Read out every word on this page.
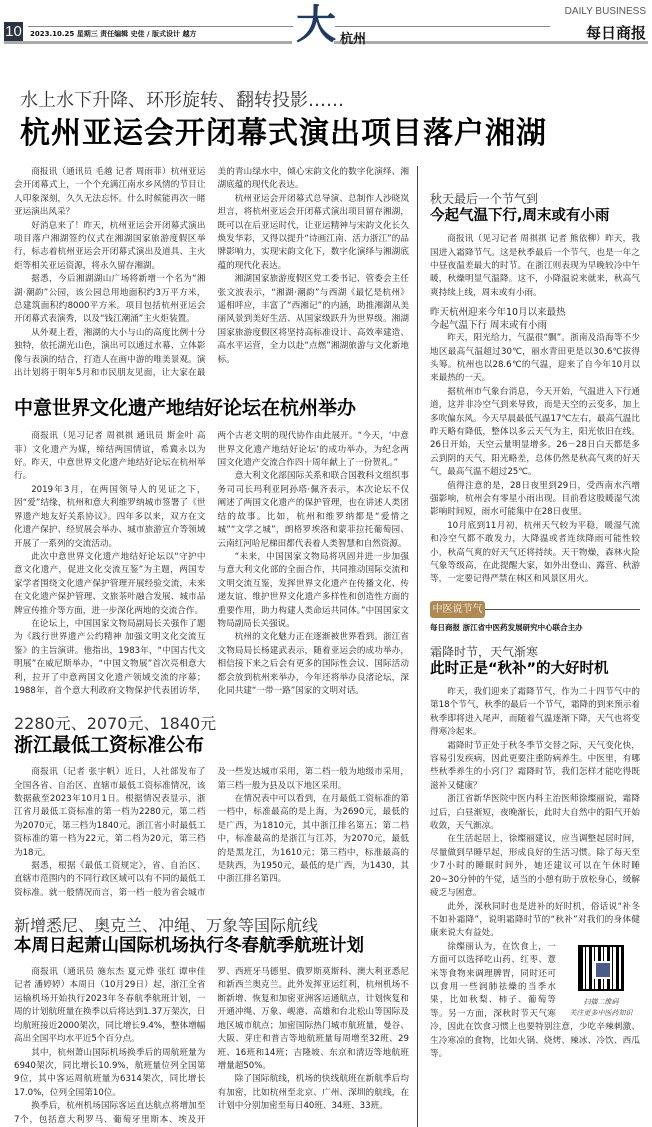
10 2023.10.25 星期三 责任编辑 史佳 / 版式设计 越方 大 杭州
DAILY BUSINESS
每日商报
水上水下升降、环形旋转、翻转投影……
杭州亚运会开闭幕式演出项目落户湘湖

商报讯（通讯员 毛越 记者 周雨菲）杭州亚运会开闭幕式上，一个个充满江南水乡风情的节目让人印象深刻，久久无法忘怀。什么时候能再次一睹亚运演出风采？

好消息来了！昨天，杭州亚运会开闭幕式演出项目落户湘湖签约仪式在湘湖国家旅游度假区举行，标志着杭州亚运会开闭幕式演出及道具、主火炬等相关亚运资源，将永久留存湘湖。

据悉，今后湘湖湖山广场将新增一个名为“湘湖·潮韵”公园，该公园总用地面积约3万平方米，总建筑面积约8000平方米。项目包括杭州亚运会开闭幕式表演秀，以及“钱江潮涌”主火炬装置。

从外观上看，湘湖的大小与山的高度比例十分独特，依托湖光山色，演出可以通过水幕、立体影像与表演的结合，打造人在画中游的唯美景观。演出计划将于明年5月和市民朋友见面，让大家在最美的青山绿水中，倾心宋韵文化的数字化演绎、湘湖底蕴的现代化表达。

杭州亚运会开闭幕式总导演、总制作人沙晓岚坦言，将杭州亚运会开闭幕式演出项目留存湘湖，既可以在后亚运时代，让亚运精神与宋韵文化长久焕发华彩，又得以提升“诗画江南、活力浙江”的品牌影响力，实现宋韵文化下，数字化演绎与湘湖底蕴的现代化表达。

湘湖国家旅游度假区党工委书记、管委会主任张文波表示，“湘湖·潮韵”与西湖《最忆是杭州》遥相呼应，丰富了“西湘记”的内涵，助推湘湖从美丽风景到美好生活、从国家级跃升为世界级。湘湖国家旅游度假区将坚持高标准设计、高效率建造、高水平运营，全力以赴“点燃”湘湖旅游与文化新地标。

中意世界文化遗产地结好论坛在杭州举办

商报讯（见习记者 周祺祺 通讯员 斯金叶 高菲）文化遗产为媒，缔结两国情谊，希冀永以为好。昨天，中意世界文化遗产地结好论坛在杭州举行。

2019年3月，在两国领导人的见证之下，因“爱”结缘，杭州和意大利维罗纳城市签署了《世界遗产地友好关系协议》。四年多以来，双方在文化遗产保护、经贸展会举办、城市旅游宣介等领域开展了一系列的交流活动。

此次中意世界文化遗产地结好论坛以“守护中意文化遗产，促进文化交流互鉴”为主题，两国专家学者围绕文化遗产保护管理开展经验交流，未来在文化遗产保护管理、文旅茶叶融合发展、城市品牌宣传推介等方面，进一步深化两地的交流合作。

在论坛上，中国国家文物局副局长关强作了题为《践行世界遗产公约精神 加强文明文化交流互鉴》的主旨演讲。他指出，1983年，“中国古代文明展”在威尼斯举办，“中国文物展”首次亮相意大利，拉开了中意两国文化遗产领域交流的序幕；1988年，首个意大利政府文物保护代表团访华，两个古老文明的现代协作由此展开。“今天，‘中意世界文化遗产地结好论坛’的成功举办，为纪念两国文化遗产交流合作四十周年献上了一份贺礼。”

意大利文化部国际关系和联合国教科文组织事务司司长玛利亚阿孙塔·佩齐表示，本次论坛不仅阐述了两国文化遗产的保护管理，也在讲述人类团结的故事。比如，杭州和维罗纳都是“爱情之城”“文学之城”，朗格罗埃洛和蒙菲拉托葡萄园、云南红河哈尼梯田都代表着人类智慧和自然资源。

“未来，中国国家文物局将巩固并进一步加强与意大利文化部的全面合作，共同推动国际交流和文明交流互鉴，发挥世界文化遗产在传播文化、传递友谊、维护世界文化遗产多样性和创造性方面的重要作用，助力构建人类命运共同体。”中国国家文物局副局长关强说。

杭州的文化魅力正在逐渐被世界看到。浙江省文物局局长杨建武表示，随着亚运会的成功举办，相信接下来之后会有更多的国际性会议、国际活动都会放到杭州来举办，今年还将举办良渚论坛，深化同共建“一带一路”国家的文明对话。

2280元、2070元、1840元
浙江最低工资标准公布

商报讯（记者 张宇帆）近日，人社部发布了全国各省、自治区、直辖市最低工资标准情况，该数据截至2023年10月1日。根据情况表显示，浙江省月最低工资标准的第一档为2280元，第二档为2070元，第三档为1840元。浙江省小时最低工资标准的第一档为22元，第二档为20元，第三档为18元。

据悉，根据《最低工资规定》，省、自治区、直辖市范围内的不同行政区域可以有不同的最低工资标准。就一般情况而言，第一档一般为省会城市及一些发达城市采用，第二档一般为地级市采用，第三档一般为县及以下地区采用。

在情况表中可以看到，在月最低工资标准的第一档中，标准最高的是上海，为2690元，最低的是广西，为1810元，其中浙江排名第五；第二档中，标准最高的是浙江与江苏，为2070元，最低的是黑龙江，为1610元；第三档中，标准最高的是陕西，为1950元，最低的是广西，为1430，其中浙江排名第四。

新增悉尼、奥克兰、冲绳、万象等国际航线
本周日起萧山国际机场执行冬春航季航班计划

商报讯（通讯员 施东杰 夏元烨 张红 谭申佳 记者 潘婷婷）本周日（10月29日）起，浙江全省运输机场开始执行2023年冬春航季航班计划，一周的计划航班量在换季以后将达到1.37万架次，日均航班接近2000架次，同比增长9.4%，整体增幅高出全国平均水平近5个百分点。

其中，杭州萧山国际机场换季后的周航班量为6940架次，同比增长10.9%，航班量位列全国第9位，其中客运周航班量为6314架次，同比增长17.0%，位列全国第10位。

换季后，杭州机场国际客运直达航点将增加至7个，包括意大利罗马、葡萄牙里斯本、埃及开罗、西班牙马德里、俄罗斯莫斯科、澳大利亚悉尼和新西兰奥克兰。此外发挥亚运红利，杭州机场不断新增、恢复和加密亚洲客运通航点，计划恢复和开通冲绳、万象、岘港、高雄和台北松山等国际及地区城市航点；加密国际热门城市航班量，曼谷、大阪、芽庄和普吉等地航班量每周增至32班、29班、16班和14班；吉隆坡、东京和清迈等地航班增量超50%。

除了国际航线，机场的快线航班在新航季后均有加密，比如杭州至北京、广州、深圳的航线，在计划中分别加密至每日40班、34班、33班。

秋天最后一个节气到
今起气温下行,周末或有小雨

商报讯（见习记者 周祺祺 记者 熊依柳）昨天，我国进入霜降节气。这是秋季最后一个节气，也是一年之中昼夜温差最大的时节。在浙江则表现为早晚较冷中午暖，秋燥明显气温降。这不，小降温说来就来，秋高气爽持续上线，周末或有小雨。

昨天杭州迎来今年10月以来最热
今起气温下行 周末或有小雨

昨天，阳光给力，气温很“飘”。浙南及沿海等不少地区最高气温超过30℃，丽水青田更是以30.6℃拔得头筹。杭州也以28.6℃的气温，迎来了自今年10月以来最热的一天。

据杭州市气象台消息，今天开始，气温进入下行通道，这并非冷空气到来导致，而是天空的云变多，加上多吹偏东风。今天早晨最低气温17℃左右，最高气温比昨天略有降低，整体以多云天气为主，阳光依旧在线。26日开始，天空云量明显增多。26－28日白天都是多云到阴的天气，阳光略差，总体仍然是秋高气爽的好天气，最高气温不超过25℃。

值得注意的是，28日夜里到29日，受西南水汽增强影响，杭州会有零星小雨出现。目前看这股暖湿气流影响时间短，雨水可能集中在28日夜里。

10月底到11月初，杭州天气较为平稳，暖湿气流和冷空气都不敢发力，大降温或者连续降雨可能性较小，秋高气爽的好天气还将持续。天干物燥，森林火险气象等级高，在此提醒大家，如外出登山、露营、秋游等，一定要记得严禁在林区和风景区用火。

中医说节气
每日商报 浙江省中医药发展研究中心联合主办
霜降时节，天气渐寒
此时正是“秋补”的大好时机

昨天，我们迎来了霜降节气，作为二十四节气中的第18个节气，秋季的最后一个节气，霜降的到来预示着秋季即将进入尾声，而随着气温逐渐下降，天气也将变得寒冷起来。

霜降时节正处于秋冬季节交替之际，天气变化快，容易引发疾病，因此更要注重防病养生。中医里，有哪些秋季养生的小窍门？霜降时节，我们怎样才能吃得既滋补又健康？

浙江省新华医院中医内科主治医师徐燦丽说，霜降过后，白昼渐短，夜晚渐长，此时大自然中的阳气开始收敛，天气渐凉。

在生活起居上，徐燦丽建议，应当调整起居时间，尽量做到早睡早起，形成良好的生活习惯。除了每天至少7小时的睡眠时间外，她还建议可以在午休时睡20~30分钟的午觉，适当的小憩有助于放松身心，缓解疲乏与困意。

此外，深秋同时也是进补的好时机，俗话说“补冬不如补霜降”，说明霜降时节的“秋补”对我们的身体健康来说大有益处。

扫描二维码
关注更多中医药知识

徐燦丽认为，在饮食上，一方面可以选择吃山药、红枣、薏米等食物来调理脾胃，同时还可以食用一些润肺祛燥的当季水果，比如秋梨、柿子、葡萄等等。另一方面，深秋时节天气寒冷，因此在饮食习惯上也要特别注意，少吃辛辣刺激、生冷寒凉的食物，比如火锅、烧烤、辣冰、冷饮、西瓜等。
